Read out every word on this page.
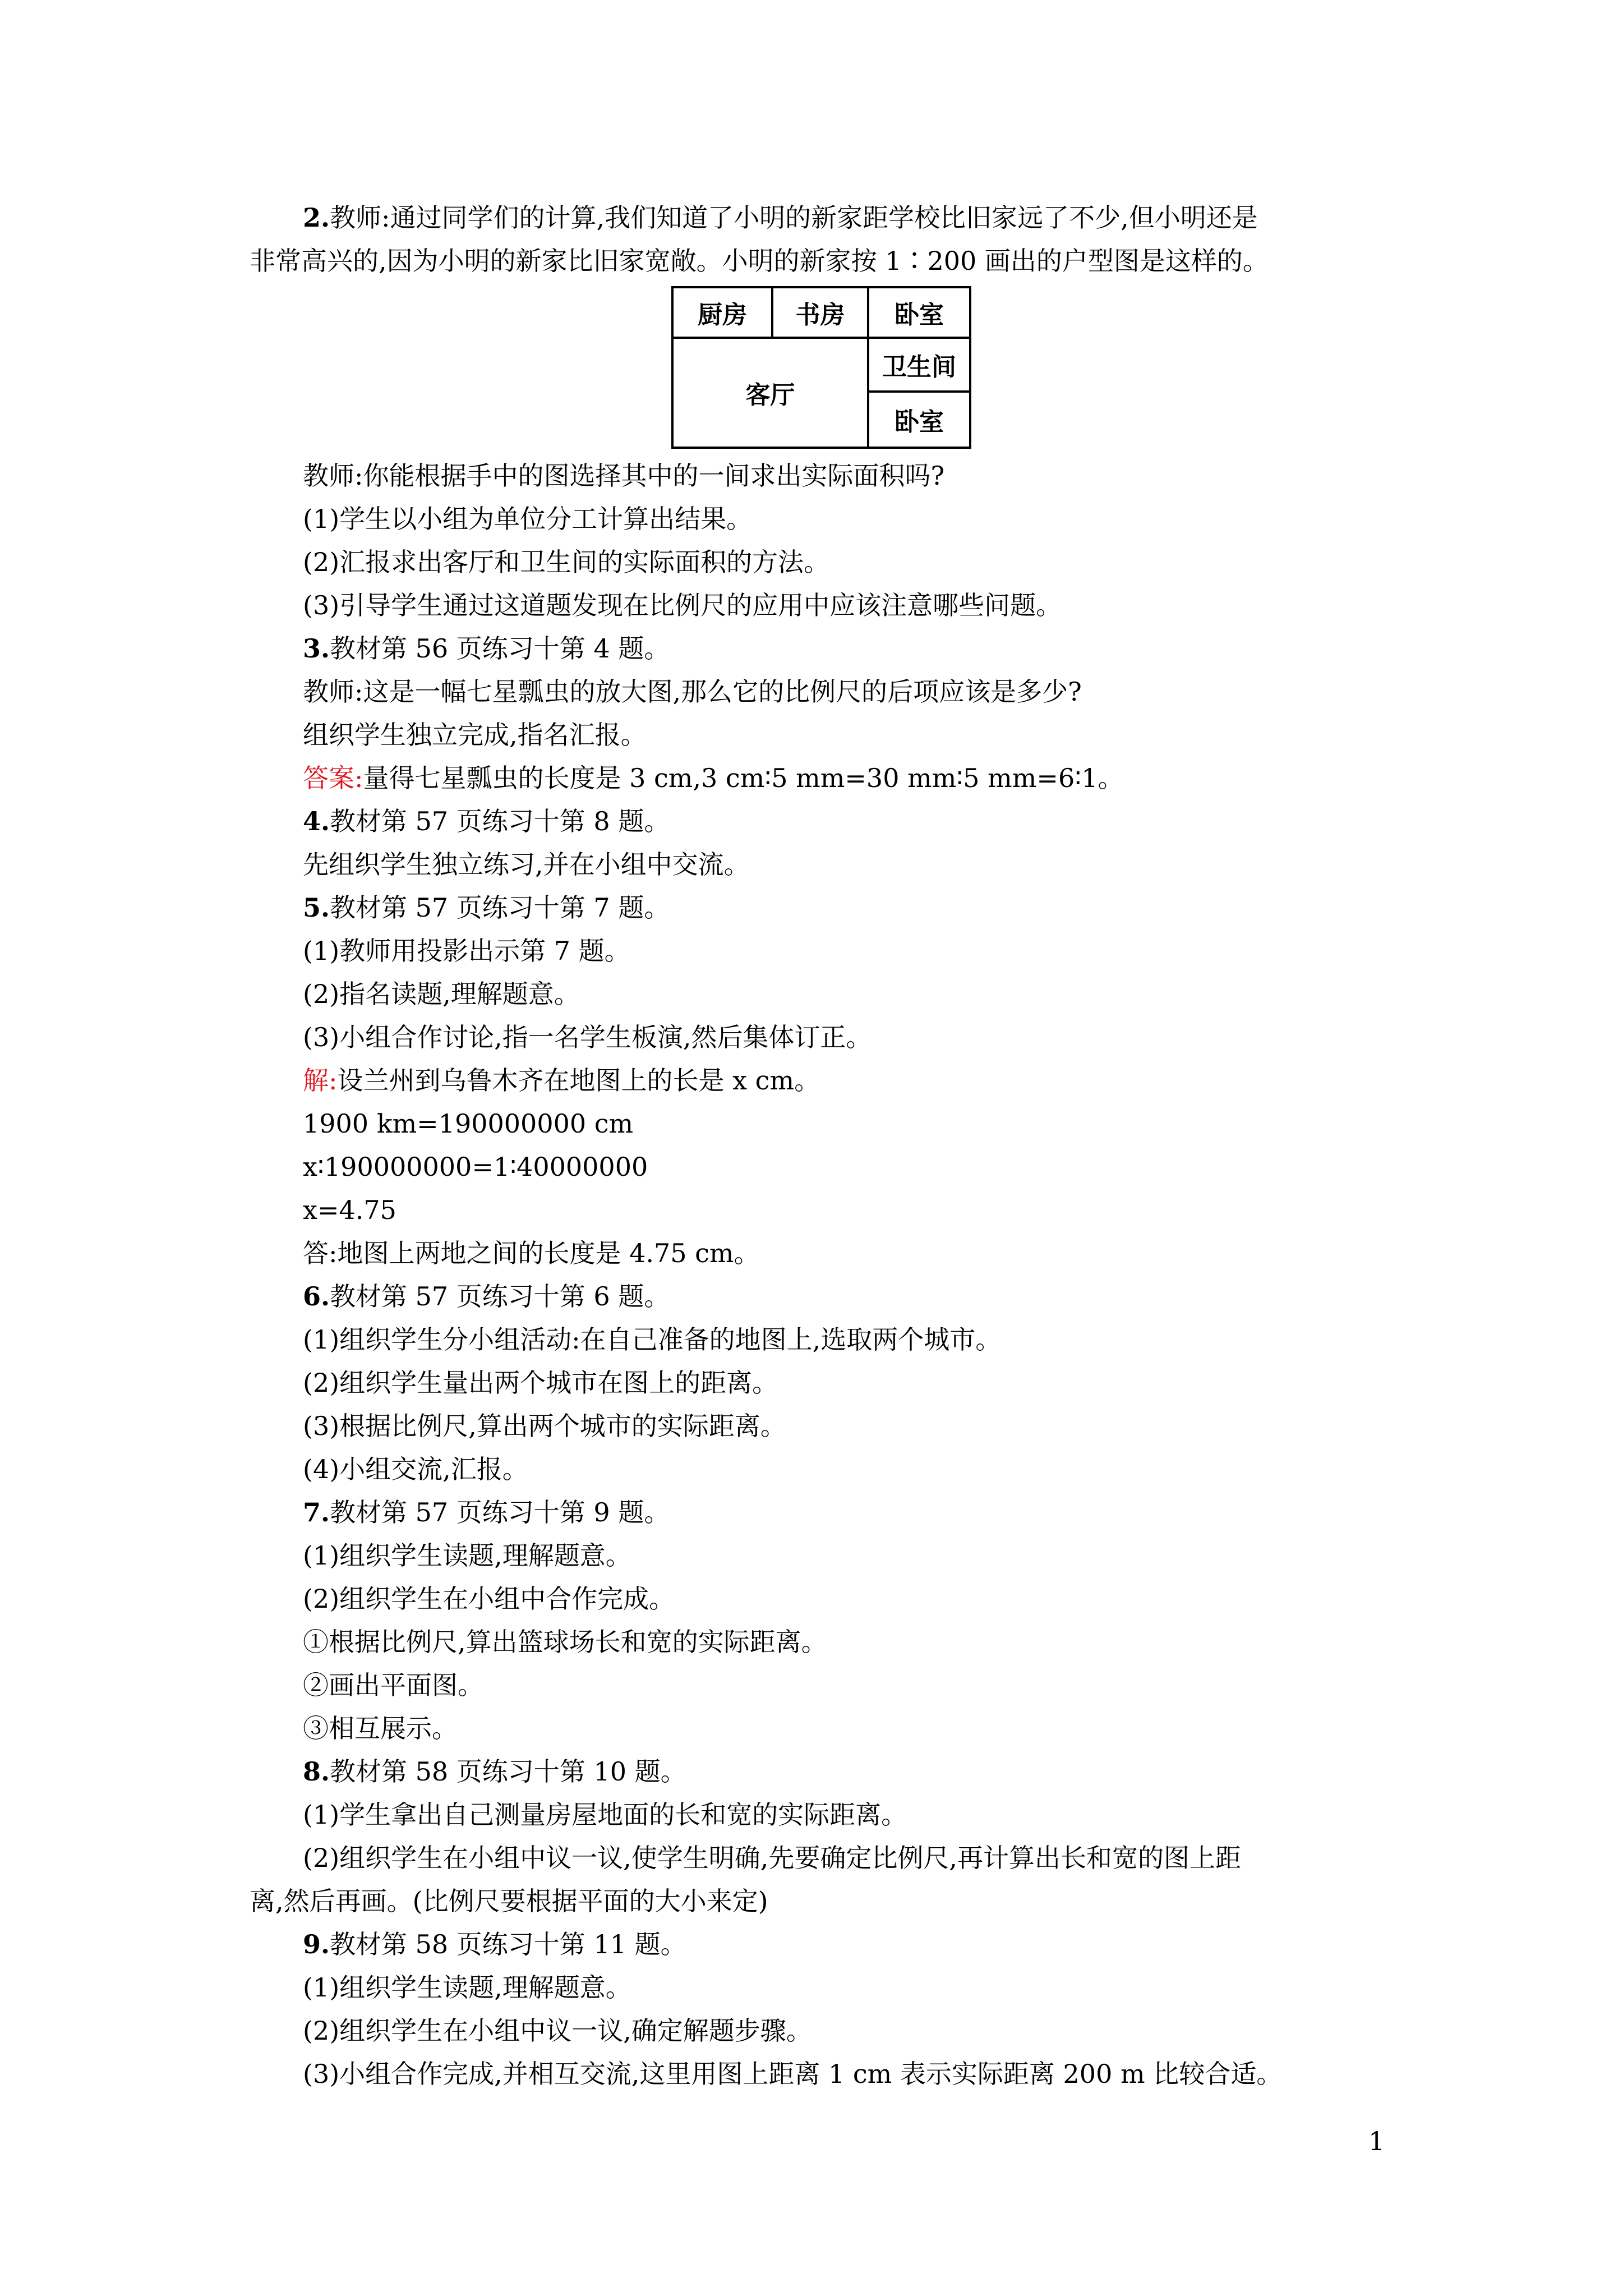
2.教师:通过同学们的计算,我们知道了小明的新家距学校比旧家远了不少,但小明还是
非常高兴的,因为小明的新家比旧家宽敞。小明的新家按 1∶200 画出的户型图是这样的。
厨房	书房	卧室
客厅
卫生间
卧室
教师:你能根据手中的图选择其中的一间求出实际面积吗?
(1)学生以小组为单位分工计算出结果。
(2)汇报求出客厅和卫生间的实际面积的方法。
(3)引导学生通过这道题发现在比例尺的应用中应该注意哪些问题。
3.教材第 56 页练习十第 4 题。
教师:这是一幅七星瓢虫的放大图,那么它的比例尺的后项应该是多少?
组织学生独立完成,指名汇报。
答案:量得七星瓢虫的长度是 3 cm,3 cm∶5 mm=30 mm∶5 mm=6∶1。
4.教材第 57 页练习十第 8 题。
先组织学生独立练习,并在小组中交流。
5.教材第 57 页练习十第 7 题。
(1)教师用投影出示第 7 题。
(2)指名读题,理解题意。
(3)小组合作讨论,指一名学生板演,然后集体订正。
解:设兰州到乌鲁木齐在地图上的长是 x cm。
1900 km=190000000 cm
x∶190000000=1∶40000000
x=4.75
答:地图上两地之间的长度是 4.75 cm。
6.教材第 57 页练习十第 6 题。
(1)组织学生分小组活动:在自己准备的地图上,选取两个城市。
(2)组织学生量出两个城市在图上的距离。
(3)根据比例尺,算出两个城市的实际距离。
(4)小组交流,汇报。
7.教材第 57 页练习十第 9 题。
(1)组织学生读题,理解题意。
(2)组织学生在小组中合作完成。
①根据比例尺,算出篮球场长和宽的实际距离。
②画出平面图。
③相互展示。
8.教材第 58 页练习十第 10 题。
(1)学生拿出自己测量房屋地面的长和宽的实际距离。
(2)组织学生在小组中议一议,使学生明确,先要确定比例尺,再计算出长和宽的图上距
离,然后再画。(比例尺要根据平面的大小来定)
9.教材第 58 页练习十第 11 题。
(1)组织学生读题,理解题意。
(2)组织学生在小组中议一议,确定解题步骤。
(3)小组合作完成,并相互交流,这里用图上距离 1 cm 表示实际距离 200 m 比较合适。
1
